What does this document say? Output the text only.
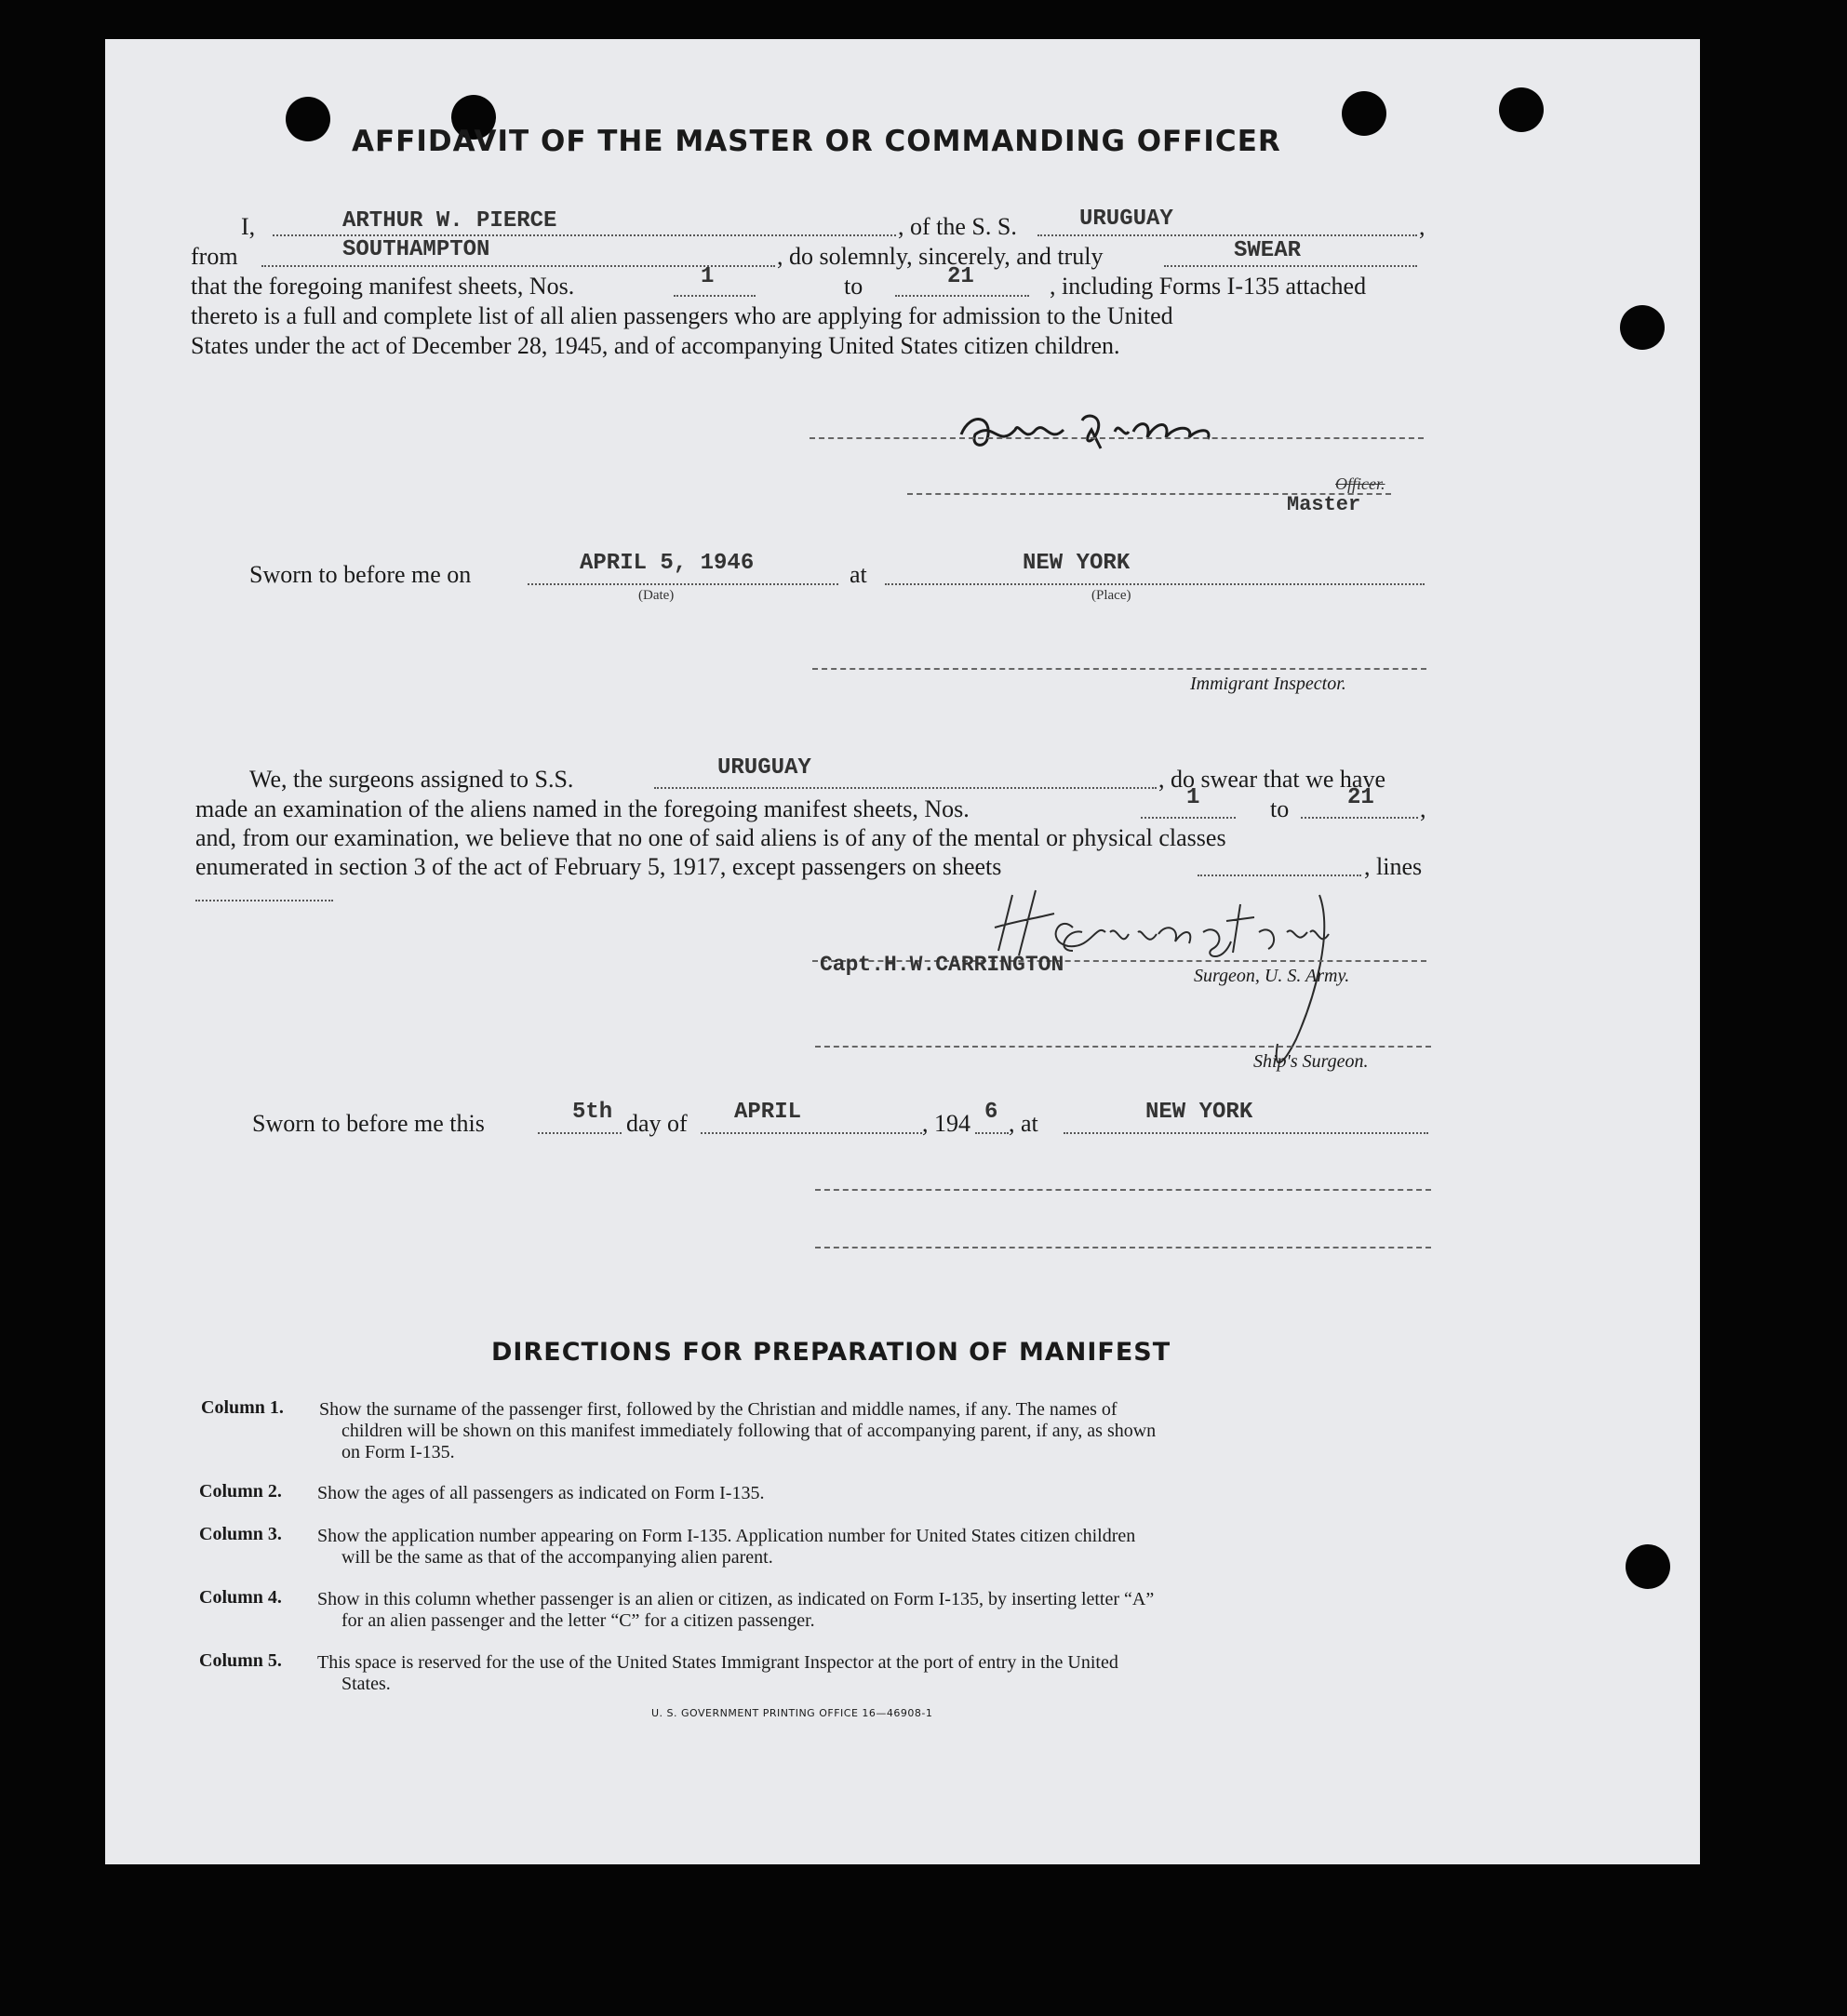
AFFIDAVIT OF THE MASTER OR COMMANDING OFFICER
I,	ARTHUR W. PIERCE	, of the S. S.	URUGUAY	,
from	SOUTHAMPTON	, do solemnly, sincerely, and truly	SWEAR
that the foregoing manifest sheets, Nos.	1	to	21	, including Forms I-135 attached
thereto is a full and complete list of all alien passengers who are applying for admission to the United
States under the act of December 28, 1945, and of accompanying United States citizen children.
Officer.
Master
Sworn to before me on	APRIL 5, 1946
(Date)
at	NEW YORK
(Place)
Immigrant Inspector.
We, the surgeons assigned to S.S.	URUGUAY	, do swear that we have
made an examination of the aliens named in the foregoing manifest sheets, Nos.	1	to	21 ,
and, from our examination, we believe that no one of said aliens is of any of the mental or physical classes
enumerated in section 3 of the act of February 5, 1917, except passengers on sheets	, lines
Capt.H.W.CARRINGTON	Surgeon, U. S. Army.
Ship's Surgeon.
Sworn to before me this	5th day of APRIL	, 194 6 , at	NEW YORK
DIRECTIONS FOR PREPARATION OF MANIFEST
Column 1. Show the surname of the passenger first, followed by the Christian and middle names, if any. The names of
children will be shown on this manifest immediately following that of accompanying parent, if any, as shown
on Form I-135.
Column 2. Show the ages of all passengers as indicated on Form I-135.
Column 3. Show the application number appearing on Form I-135. Application number for United States citizen children
will be the same as that of the accompanying alien parent.
Column 4. Show in this column whether passenger is an alien or citizen, as indicated on Form I-135, by inserting letter “A”
for an alien passenger and the letter “C” for a citizen passenger.
Column 5. This space is reserved for the use of the United States Immigrant Inspector at the port of entry in the United
States.
U. S. GOVERNMENT PRINTING OFFICE 16—46908-1
